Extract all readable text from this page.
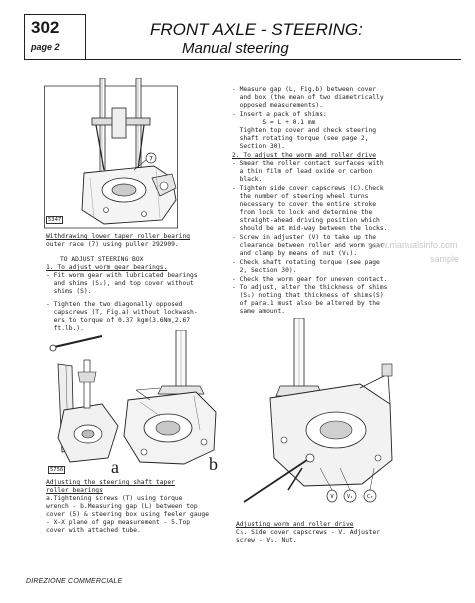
302
page 2
FRONT AXLE - STEERING:
Manual steering
7
5347
Withdrawing lower taper roller bearing
outer race (7) using puller 292909.
TO ADJUST STEERING BOX
1. To adjust worm gear bearings.
- Fit worm gear with lubricated bearings
and shims (S₁), and top cover without
shims (S).
- Tighten the two diagonally opposed
capscrews (T, Fig.a) without lockwash-
ers to torque of 0.37 kgm(3.6Nm,2.67
ft.lb.).
a	b
5756
Adjusting the steering shaft taper
roller bearings
a.Tightening screws (T) using torque
wrench - b.Measuring gap (L) between top
cover (5) & steering box using feeler gauge
- X-X plane of gap measurement - 5.Top
cover with attached tube.
- Measure gap (L, Fig.b) between cover
and box (the mean of two diametrically
opposed measurements).
- Insert a pack of shims:
S = L + 0.1 mm
Tighten top cover and check steering
shaft rotating torque (see page 2,
Section 30).
2. To adjust the worm and roller drive
- Smear the roller contact surfaces with
a thin film of lead oxide or carbon
black.
- Tighten side cover capscrews (C).Check
the number of steering wheel turns
necessary to cover the entire stroke
from lock to lock and determine the
straight-ahead driving position which
should be at mid-way between the locks.
- Screw in adjuster (V) to take up the
clearance between roller and worm gear
and clamp by means of nut (V₁).
- Check shaft rotating torque (see page
2, Section 30).
- Check the worm gear for uneven contact.
- To adjust, alter the thickness of shims
(S₁) noting that thickness of shims(S)
of para.1 must also be altered by the
same amount.
www.manualsinfo.com
sample
V	V₁	C₃
Adjusting worm and roller drive
C₃. Side cover capscrews - V. Adjuster
screw - V₁. Nut.
DIREZIONE COMMERCIALE
